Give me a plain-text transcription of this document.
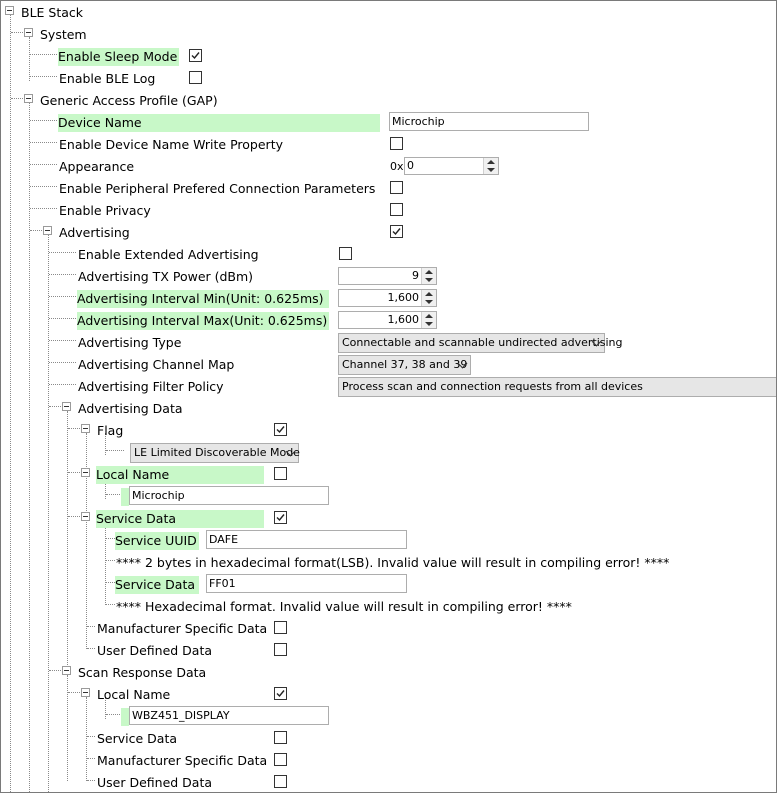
BLE Stack
System
Enable Sleep Mode
Enable BLE Log
Generic Access Profile (GAP)
Device Name	Microchip
Enable Device Name Write Property
Appearance	0x 0
Enable Peripheral Prefered Connection Parameters
Enable Privacy
Advertising
Enable Extended Advertising
Advertising TX Power (dBm)	9
Advertising Interval Min(Unit: 0.625ms)	1,600
Advertising Interval Max(Unit: 0.625ms)	1,600
Advertising Type	Connectable and scannable undirected advertising
Advertising Channel Map	Channel 37, 38 and 39
Advertising Filter Policy	Process scan and connection requests from all devices
Advertising Data
Flag
LE Limited Discoverable Mode
Local Name
Microchip
Service Data
Service UUID DAFE
**** 2 bytes in hexadecimal format(LSB). Invalid value will result in compiling error! ****
Service Data	FF01
**** Hexadecimal format. Invalid value will result in compiling error! ****
Manufacturer Specific Data
User Defined Data
Scan Response Data
Local Name
WBZ451_DISPLAY
Service Data
Manufacturer Specific Data
User Defined Data
